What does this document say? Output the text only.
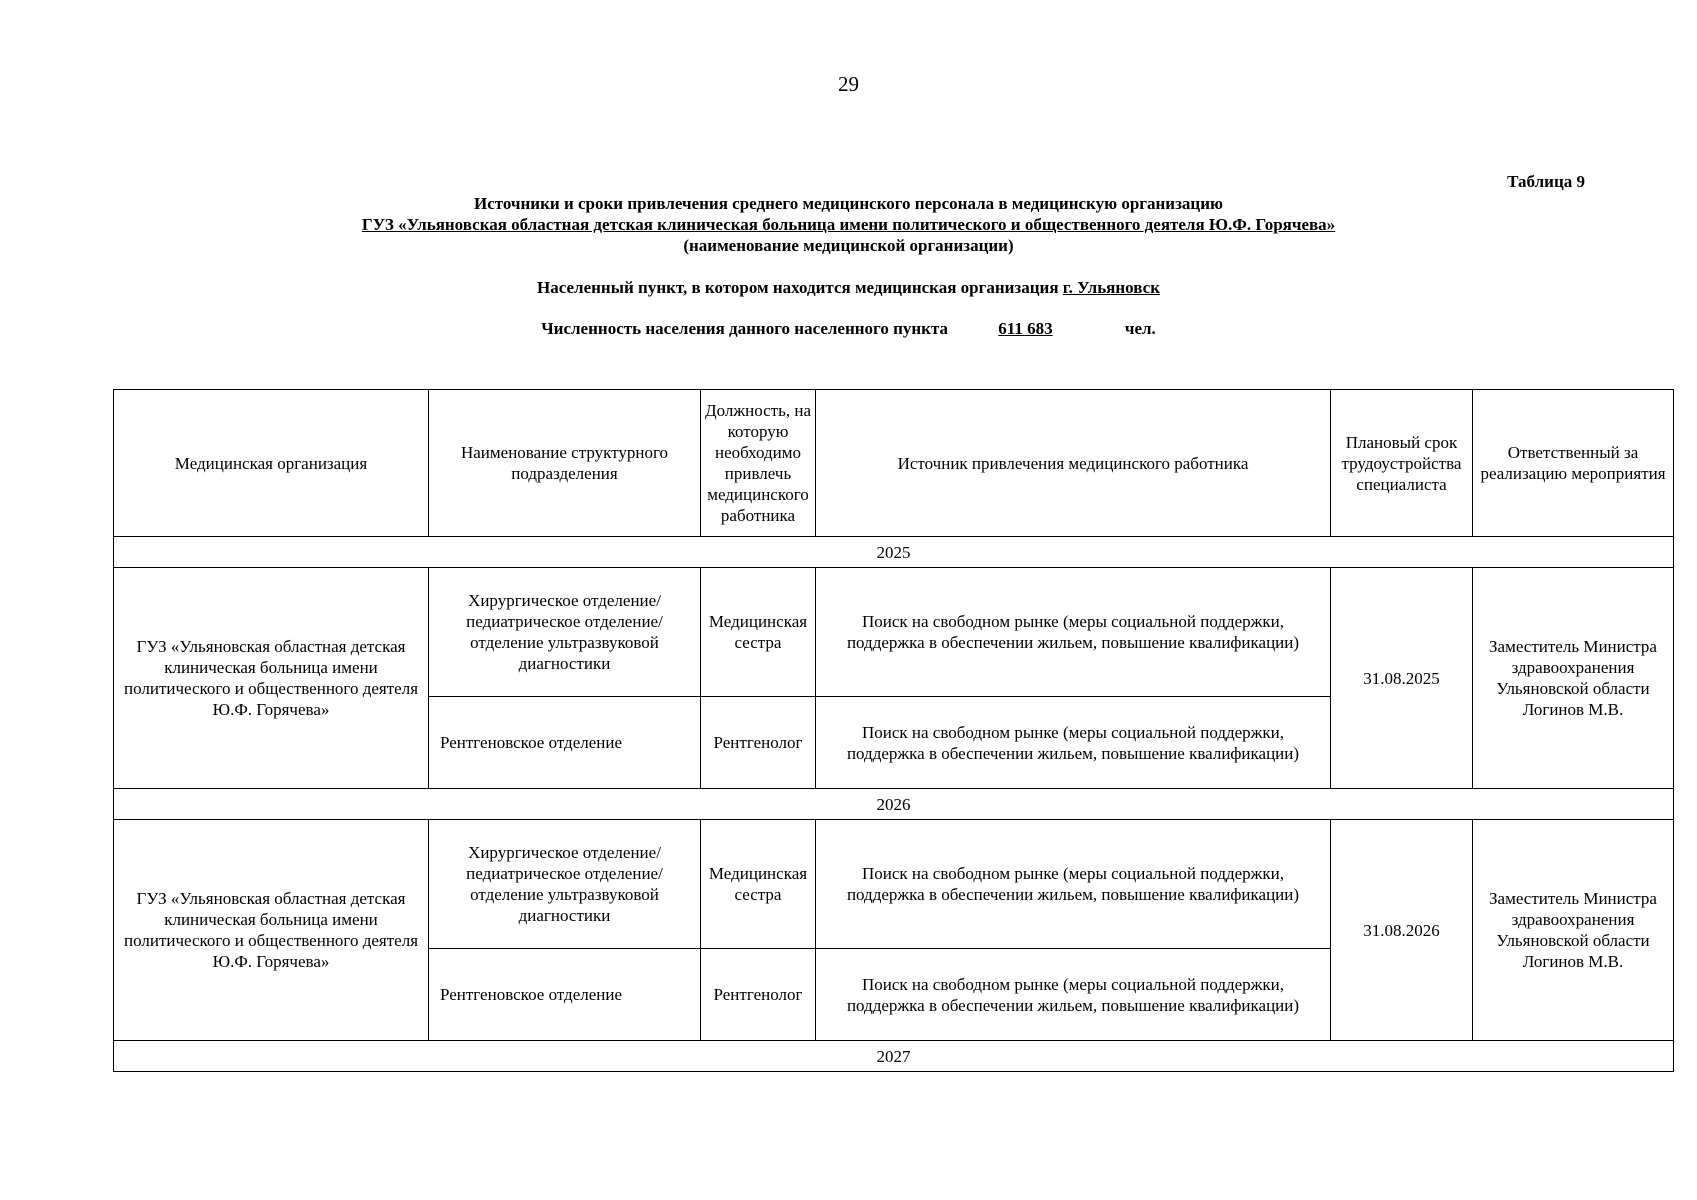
29
Таблица 9
Источники и сроки привлечения среднего медицинского персонала в медицинскую организацию
ГУЗ «Ульяновская областная детская клиническая больница имени политического и общественного деятеля Ю.Ф. Горячева»
(наименование медицинской организации)
Населенный пункт, в котором находится медицинская организация г. Ульяновск
Численность населения данного населенного пункта	611 683	чел.
Медицинская организация	Наименование структурного подразделения	Должность, на которую необходимо привлечь медицинского работника	Источник привлечения медицинского работника	Плановый срок трудоустройства специалиста	Ответственный за реализацию мероприятия
2025					
ГУЗ «Ульяновская областная детская клиническая больница имени политического и общественного деятеля Ю.Ф. Горячева»	Хирургическое отделение/педиатрическое отделение/отделение ультразвуковой диагностики	Медицинская сестра	Поиск на свободном рынке (меры социальной поддержки, поддержка в обеспечении жильем, повышение квалификации)	31.08.2025	Заместитель Министра здравоохранения Ульяновской области Логинов М.В.
	Рентгеновское отделение	Рентгенолог	Поиск на свободном рынке (меры социальной поддержки, поддержка в обеспечении жильем, повышение квалификации)		
2026					
ГУЗ «Ульяновская областная детская клиническая больница имени политического и общественного деятеля Ю.Ф. Горячева»	Хирургическое отделение/педиатрическое отделение/отделение ультразвуковой диагностики	Медицинская сестра	Поиск на свободном рынке (меры социальной поддержки, поддержка в обеспечении жильем, повышение квалификации)	31.08.2026	Заместитель Министра здравоохранения Ульяновской области Логинов М.В.
	Рентгеновское отделение	Рентгенолог	Поиск на свободном рынке (меры социальной поддержки, поддержка в обеспечении жильем, повышение квалификации)		
2027					
